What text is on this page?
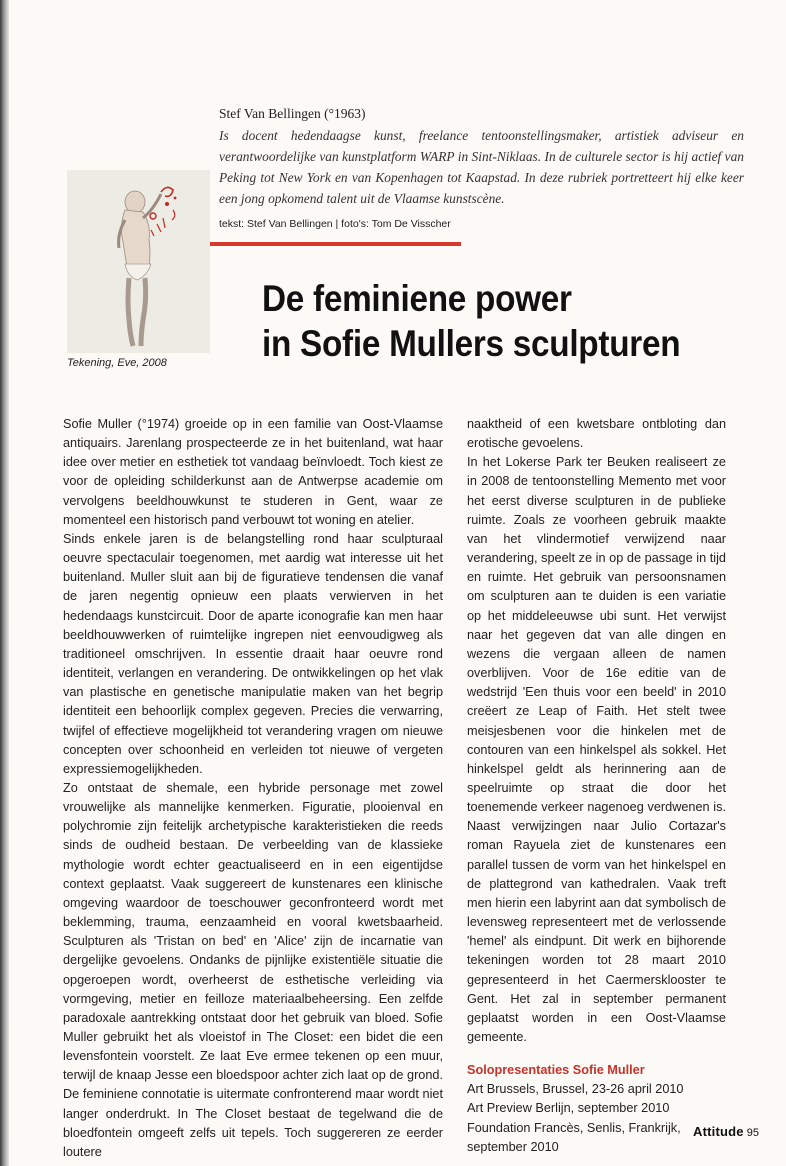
Stef Van Bellingen (°1963)
Is docent hedendaagse kunst, freelance tentoonstellingsmaker, artistiek adviseur en verantwoordelijke van kunstplatform WARP in Sint-Niklaas. In de culturele sector is hij actief van Peking tot New York en van Kopenhagen tot Kaapstad. In deze rubriek portretteert hij elke keer een jong opkomend talent uit de Vlaamse kunstscène.
tekst: Stef Van Bellingen | foto's: Tom De Visscher
Tekening, Eve, 2008
De feminiene power
in Sofie Mullers sculpturen

Sofie Muller (°1974) groeide op in een familie van Oost-Vlaamse antiquairs. Jarenlang prospecteerde ze in het buitenland, wat haar idee over metier en esthetiek tot vandaag beïnvloedt. Toch kiest ze voor de opleiding schilderkunst aan de Antwerpse academie om vervolgens beeldhouwkunst te studeren in Gent, waar ze momenteel een historisch pand verbouwt tot woning en atelier.

Sinds enkele jaren is de belangstelling rond haar sculpturaal oeuvre spectaculair toegenomen, met aardig wat interesse uit het buitenland. Muller sluit aan bij de figuratieve tendensen die vanaf de jaren negentig opnieuw een plaats verwierven in het hedendaags kunstcircuit. Door de aparte iconografie kan men haar beeldhouwwerken of ruimtelijke ingrepen niet eenvoudigweg als traditioneel omschrijven. In essentie draait haar oeuvre rond identiteit, verlangen en verandering. De ontwikkelingen op het vlak van plastische en genetische manipulatie maken van het begrip identiteit een behoorlijk complex gegeven. Precies die verwarring, twijfel of effectieve mogelijkheid tot verandering vragen om nieuwe concepten over schoonheid en verleiden tot nieuwe of vergeten expressiemogelijkheden.

Zo ontstaat de shemale, een hybride personage met zowel vrouwelijke als mannelijke kenmerken. Figuratie, plooienval en polychromie zijn feitelijk archetypische karakteristieken die reeds sinds de oudheid bestaan. De verbeelding van de klassieke mythologie wordt echter geactualiseerd en in een eigentijdse context geplaatst. Vaak suggereert de kunstenares een klinische omgeving waardoor de toeschouwer geconfronteerd wordt met beklemming, trauma, eenzaamheid en vooral kwetsbaarheid. Sculpturen als 'Tristan on bed' en 'Alice' zijn de incarnatie van dergelijke gevoelens. Ondanks de pijnlijke existentiële situatie die opgeroepen wordt, overheerst de esthetische verleiding via vormgeving, metier en feilloze materiaalbeheersing. Een zelfde paradoxale aantrekking ontstaat door het gebruik van bloed. Sofie Muller gebruikt het als vloeistof in The Closet: een bidet die een levensfontein voorstelt. Ze laat Eve ermee tekenen op een muur, terwijl de knaap Jesse een bloedspoor achter zich laat op de grond. De feminiene connotatie is uitermate confronterend maar wordt niet langer onderdrukt. In The Closet bestaat de tegelwand die de bloedfontein omgeeft zelfs uit tepels. Toch suggereren ze eerder loutere

naaktheid of een kwetsbare ontbloting dan erotische gevoelens.

In het Lokerse Park ter Beuken realiseert ze in 2008 de tentoonstelling Memento met voor het eerst diverse sculpturen in de publieke ruimte. Zoals ze voorheen gebruik maakte van het vlindermotief verwijzend naar verandering, speelt ze in op de passage in tijd en ruimte. Het gebruik van persoonsnamen om sculpturen aan te duiden is een variatie op het middeleeuwse ubi sunt. Het verwijst naar het gegeven dat van alle dingen en wezens die vergaan alleen de namen overblijven. Voor de 16e editie van de wedstrijd 'Een thuis voor een beeld' in 2010 creëert ze Leap of Faith. Het stelt twee meisjesbenen voor die hinkelen met de contouren van een hinkelspel als sokkel. Het hinkelspel geldt als herinnering aan de speelruimte op straat die door het toenemende verkeer nagenoeg verdwenen is. Naast verwijzingen naar Julio Cortazar's roman Rayuela ziet de kunstenares een parallel tussen de vorm van het hinkelspel en de plattegrond van kathedralen. Vaak treft men hierin een labyrint aan dat symbolisch de levensweg representeert met de verlossende 'hemel' als eindpunt. Dit werk en bijhorende tekeningen worden tot 28 maart 2010 gepresenteerd in het Caermersklooster te Gent. Het zal in september permanent geplaatst worden in een Oost-Vlaamse gemeente.

Solopresentaties Sofie Muller

Art Brussels, Brussel, 23-26 april 2010

Art Preview Berlijn, september 2010

Foundation Francès, Senlis, Frankrijk, september 2010

Attitude 95
